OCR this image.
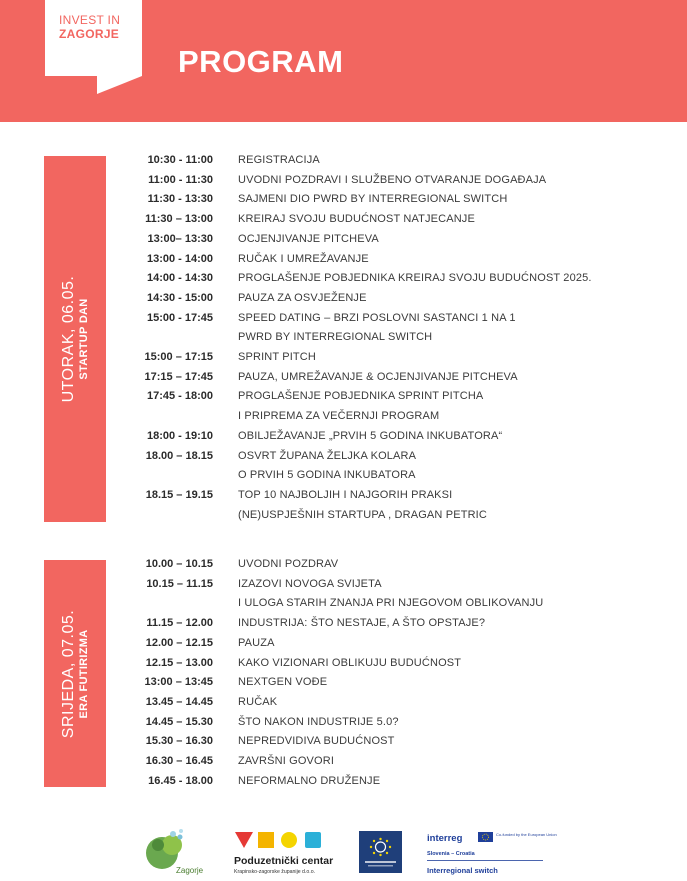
INVEST IN
ZAGORJE
PROGRAM
UTORAK, 06.05. STARTUP DAN
10:30 - 11:00 REGISTRACIJA
11:00 - 11:30 UVODNI POZDRAVI I SLUŽBENO OTVARANJE DOGAĐAJA
11:30 - 13:30 SAJMENI DIO PWRD BY INTERREGIONAL SWITCH
11:30 – 13:00 KREIRAJ SVOJU BUDUĆNOST NATJECANJE
13:00– 13:30 OCJENJIVANJE PITCHEVA
13:00 - 14:00 RUČAK I UMREŽAVANJE
14:00 - 14:30 PROGLAŠENJE POBJEDNIKA KREIRAJ SVOJU BUDUĆNOST 2025.
14:30 - 15:00 PAUZA ZA OSVJEŽENJE
15:00 - 17:45 SPEED DATING – BRZI POSLOVNI SASTANCI 1 NA 1
PWRD BY INTERREGIONAL SWITCH
15:00 – 17:15 SPRINT PITCH
17:15 – 17:45 PAUZA, UMREŽAVANJE & OCJENJIVANJE PITCHEVA
17:45 - 18:00 PROGLAŠENJE POBJEDNIKA SPRINT PITCHA
I PRIPREMA ZA VEČERNJI PROGRAM
18:00 - 19:10 OBILJEŽAVANJE „PRVIH 5 GODINA INKUBATORA“
18.00 – 18.15 OSVRT ŽUPANA ŽELJKA KOLARA
O PRVIH 5 GODINA INKUBATORA
18.15 – 19.15 TOP 10 NAJBOLJIH I NAJGORIH PRAKSI
(NE)USPJEŠNIH STARTUPA , DRAGAN PETRIC
SRIJEDA, 07.05. ERA FUTIRIZMA
10.00 – 10.15 UVODNI POZDRAV
10.15 – 11.15 IZAZOVI NOVOGA SVIJETA
I ULOGA STARIH ZNANJA PRI NJEGOVOM OBLIKOVANJU
11.15 – 12.00 INDUSTRIJA: ŠTO NESTAJE, A ŠTO OPSTAJE?
12.00 – 12.15 PAUZA
12.15 – 13.00 KAKO VIZIONARI OBLIKUJU BUDUĆNOST
13:00 – 13:45 NEXTGEN VOĐE
13.45 – 14.45 RUČAK
14.45 – 15.30 ŠTO NAKON INDUSTRIJE 5.0?
15.30 – 16.30 NEPREDVIDIVA BUDUĆNOST
16.30 – 16.45 ZAVRŠNI GOVORI
16.45 - 18.00 NEFORMALNO DRUŽENJE
Zagorje
Poduzetnički centar
Krapinsko-zagorske županije d.o.o.
interreg	Co-funded by the European Union
Slovenia – Croatia
Interregional switch
